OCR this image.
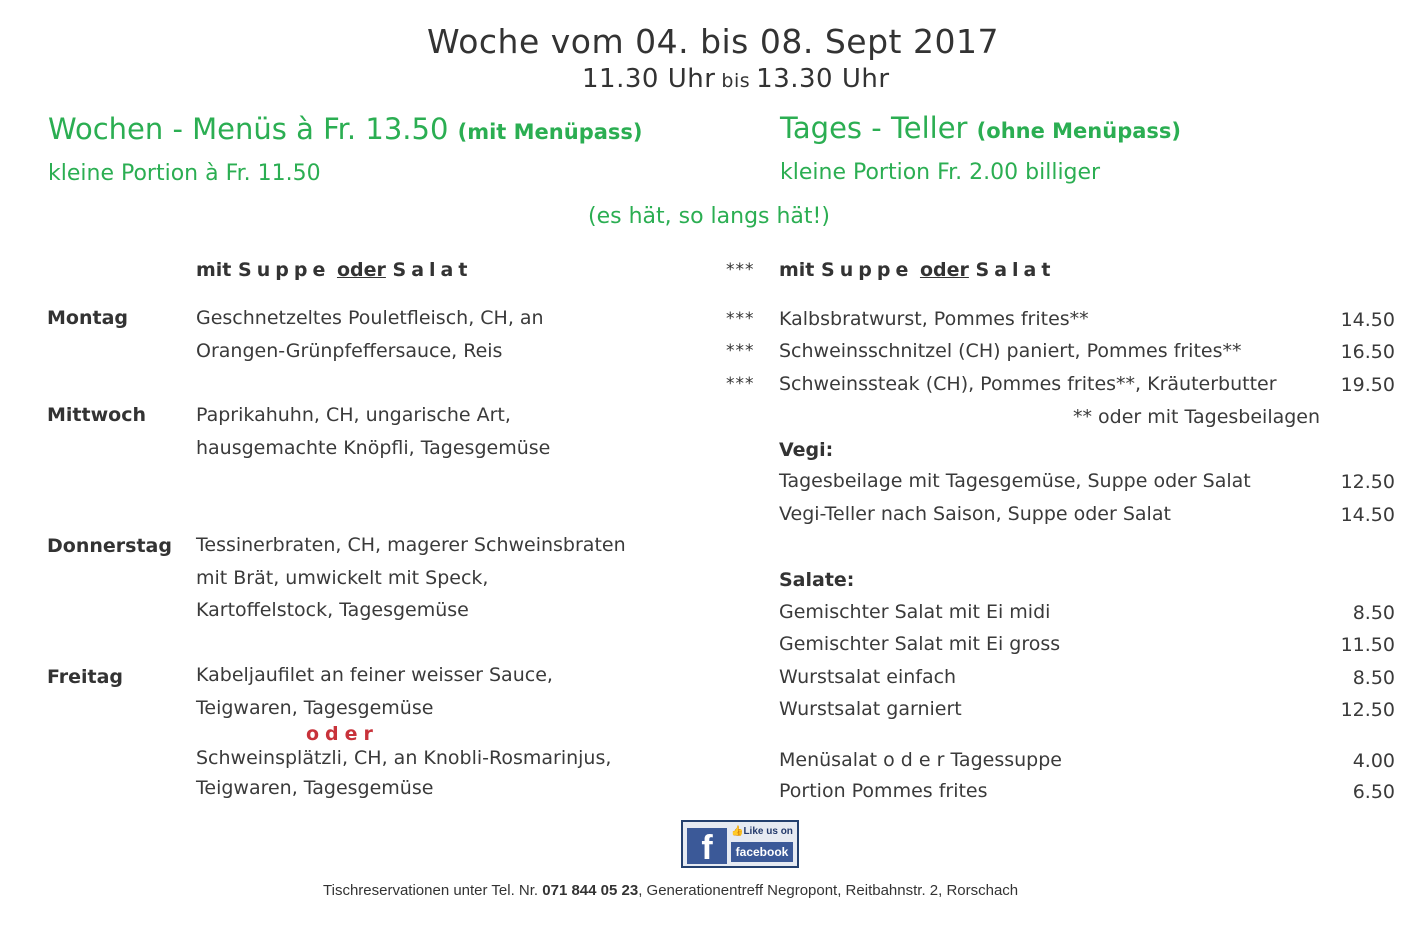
Woche vom 04. bis 08. Sept 2017
11.30 Uhr bis 13.30 Uhr
Wochen - Menüs à Fr. 13.50 (mit Menüpass)
kleine Portion à Fr. 11.50
Tages - Teller (ohne Menüpass)
kleine Portion Fr. 2.00 billiger
(es hät, so langs hät!)
mit Suppe oder Salat	*** mit Suppe oder Salat
Montag	Geschnetzeltes Pouletfleisch, CH, an
Orangen-Grünpfeffersauce, Reis
Mittwoch	Paprikahuhn, CH, ungarische Art,
hausgemachte Knöpfli, Tagesgemüse
Donnerstag Tessinerbraten, CH, magerer Schweinsbraten
mit Brät, umwickelt mit Speck,
Kartoffelstock, Tagesgemüse
Freitag	Kabeljaufilet an feiner weisser Sauce,
Teigwaren, Tagesgemüse
oder
Schweinsplätzli, CH, an Knobli-Rosmarinjus,
Teigwaren, Tagesgemüse
*** Kalbsbratwurst, Pommes frites**	14.50
*** Schweinsschnitzel (CH) paniert, Pommes frites**	16.50
*** Schweinssteak (CH), Pommes frites**, Kräuterbutter	19.50
** oder mit Tagesbeilagen
Vegi:
Tagesbeilage mit Tagesgemüse, Suppe oder Salat	12.50
Vegi-Teller nach Saison, Suppe oder Salat	14.50
Salate:
Gemischter Salat mit Ei midi	8.50
Gemischter Salat mit Ei gross	11.50
Wurstsalat einfach	8.50
Wurstsalat garniert	12.50
Menüsalat o d e r Tagessuppe	4.00
Portion Pommes frites	6.50
f	👍Like us on
facebook
Tischreservationen unter Tel. Nr. 071 844 05 23, Generationentreff Negropont, Reitbahnstr. 2, Rorschach
